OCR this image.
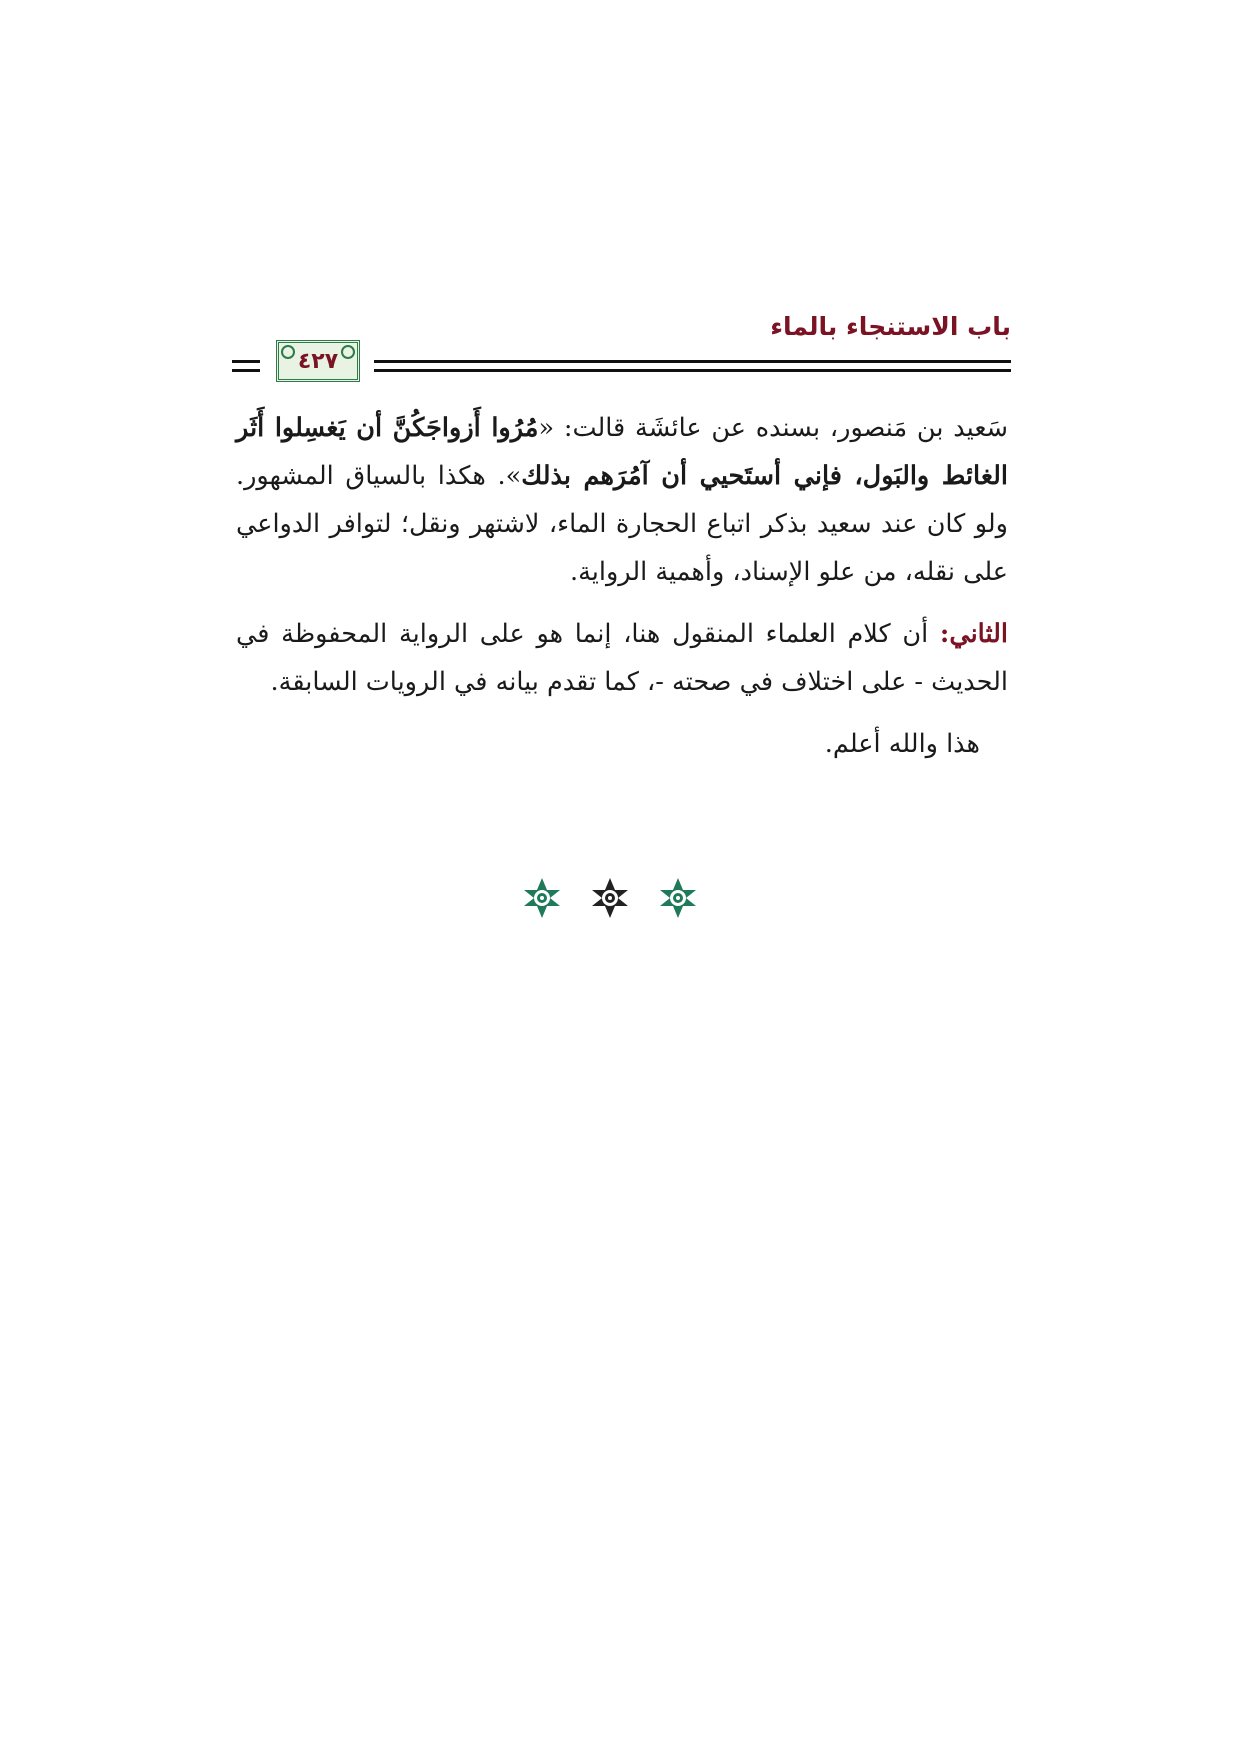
٤٢٧
باب الاستنجاء بالماء

سَعيد بن مَنصور، بسنده عن عائشَة قالت: «مُرُوا أَزواجَكُنَّ أن يَغسِلوا أَثَر الغائط والبَول، فإني أستَحيي أن آمُرَهم بذلك». هكذا بالسياق المشهور. ولو كان عند سعيد بذكر اتباع الحجارة الماء، لاشتهر ونقل؛ لتوافر الدواعي على نقله، من علو الإسناد، وأهمية الرواية.

الثاني: أن كلام العلماء المنقول هنا، إنما هو على الرواية المحفوظة في الحديث - على اختلاف في صحته -، كما تقدم بيانه في الرويات السابقة.

هذا والله أعلم.
